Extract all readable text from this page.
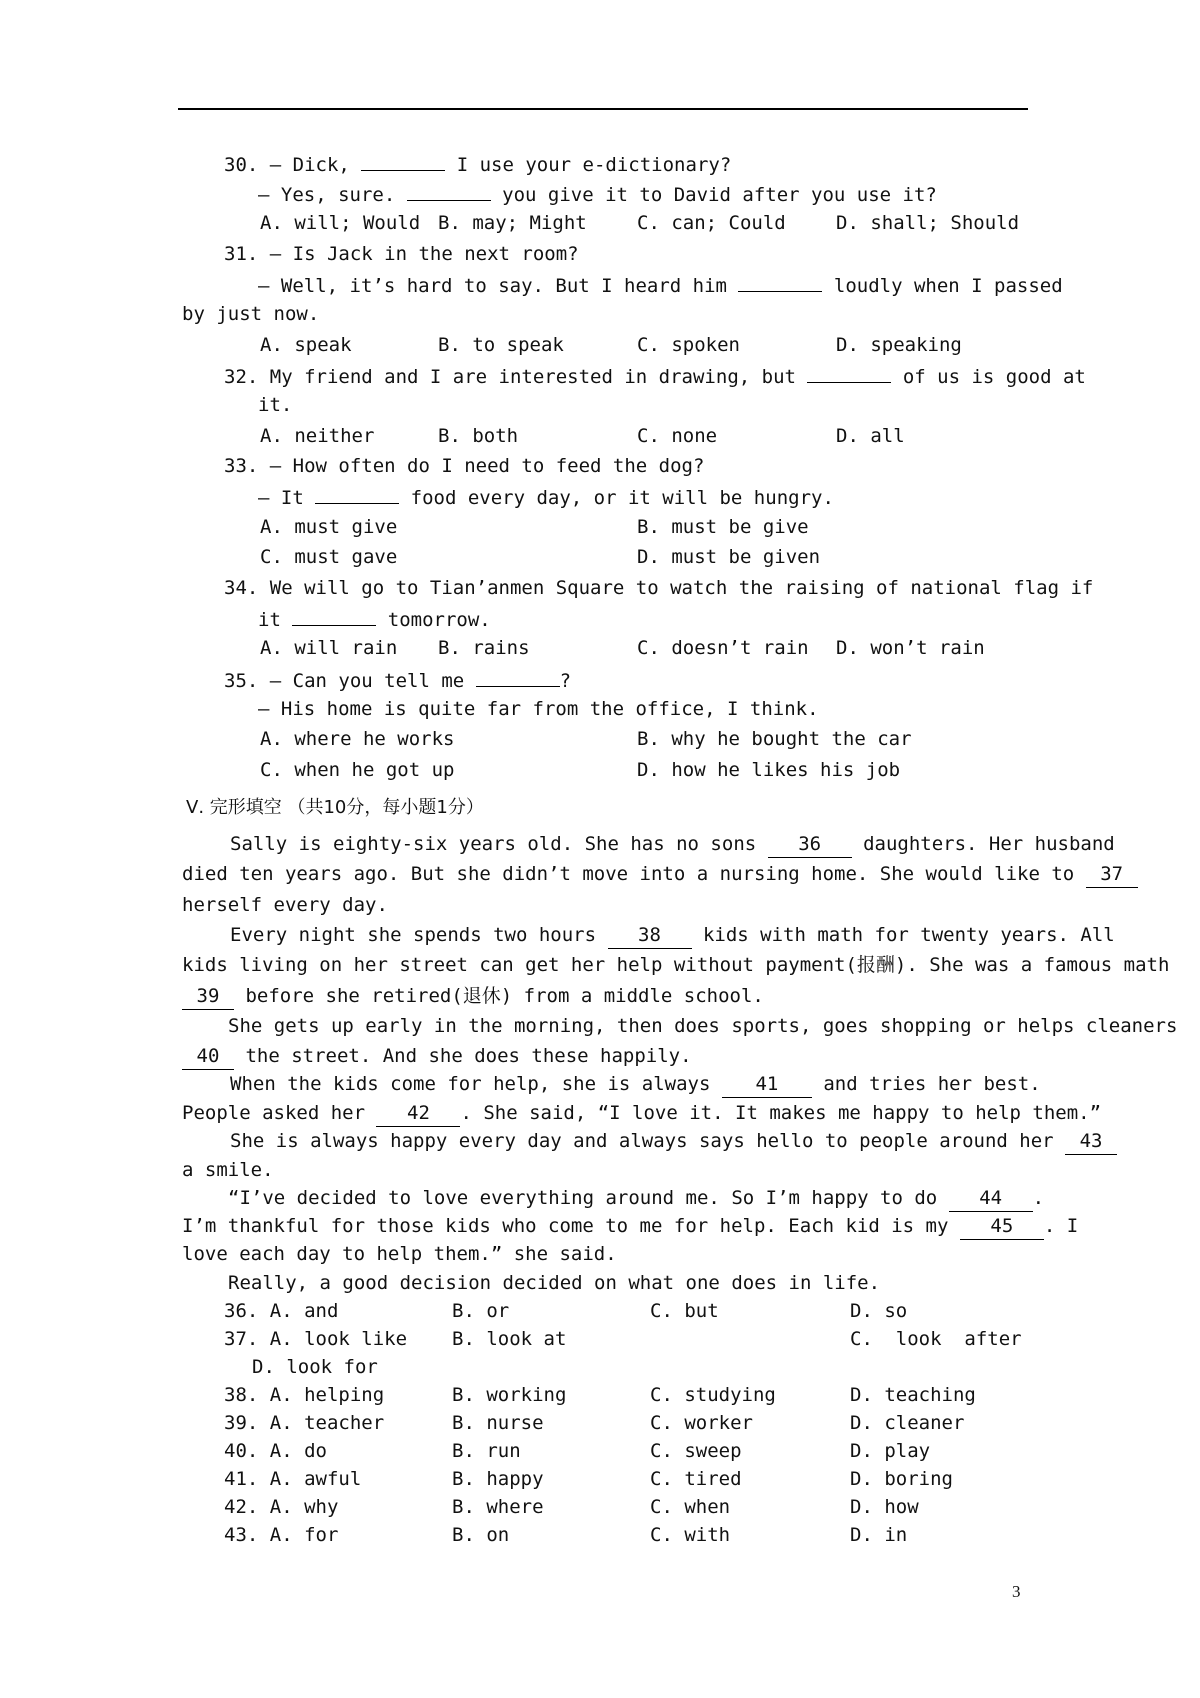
30. — Dick,	I use your e-dictionary?
— Yes, sure.	you give it to David after you use it?
A. will; Would B. may; Might	C. can; Could	D. shall; Should
31. — Is Jack in the next room?
— Well, it’s hard to say. But I heard him	loudly when I passed
by just now.
A. speak	B. to speak	C. spoken	D. speaking
32. My friend and I are interested in drawing, but	of us is good at
it.
A. neither	B. both	C. none	D. all
33. — How often do I need to feed the dog?
— It	food every day, or it will be hungry.
A. must give	B. must be give
C. must gave	D. must be given
34. We will go to Tian’anmen Square to watch the raising of national flag if
it	tomorrow.
A. will rain B. rains	C. doesn’t rain D. won’t rain
35. — Can you tell me	?
— His home is quite far from the office, I think.
A. where he works	B. why he bought the car
C. when he got up	D. how he likes his job
Ⅴ. 完形填空 （共10分，每小题1分）
Sally is eighty-six years old. She has no sons 36 daughters. Her husband
died ten years ago. But she didn’t move into a nursing home. She would like to 37
herself every day.
Every night she spends two hours 38 kids with math for twenty years. All
kids living on her street can get her help without payment(报酬). She was a famous math
39 before she retired(退休) from a middle school.
She gets up early in the morning, then does sports, goes shopping or helps cleaners
40 the street. And she does these happily.
When the kids come for help, she is always 41 and tries her best.
People asked her 42 . She said, “I love it. It makes me happy to help them.”
She is always happy every day and always says hello to people around her 43
a smile.
“I’ve decided to love everything around me. So I’m happy to do 44 .
I’m thankful for those kids who come to me for help. Each kid is my 45 . I
love each day to help them.” she said.
Really, a good decision decided on what one does in life.
36. A. and	B. or	C. but	D. so
37. A. look like B. look at	C.  look  after
D. look for
38. A. helping	B. working	C. studying	D. teaching
39. A. teacher	B. nurse	C. worker	D. cleaner
40. A. do	B. run	C. sweep	D. play
41. A. awful	B. happy	C. tired	D. boring
42. A. why	B. where	C. when	D. how
43. A. for	B. on	C. with	D. in
3
